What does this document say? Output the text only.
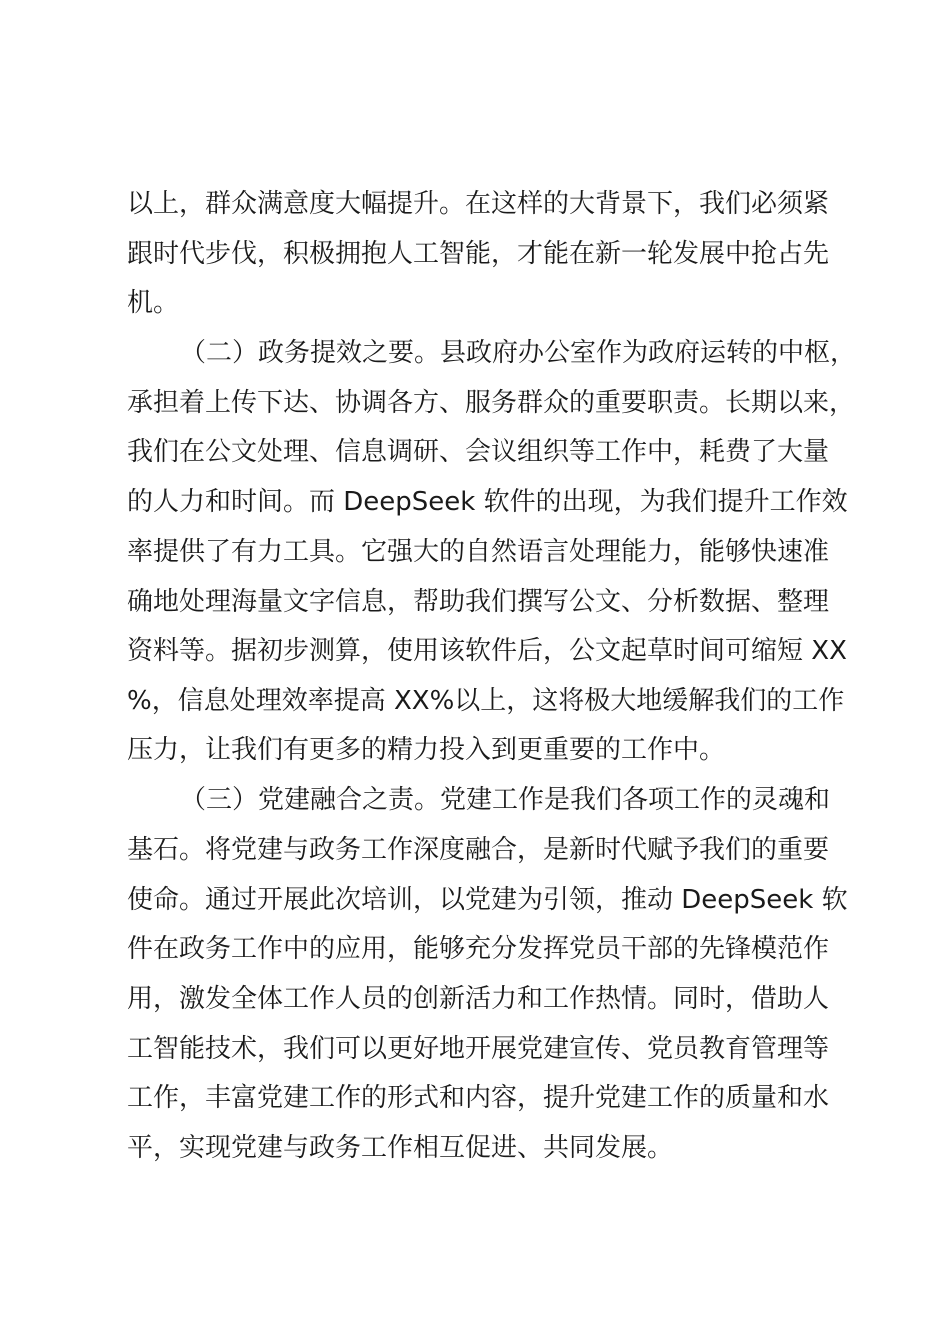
以上，群众满意度大幅提升。在这样的大背景下，我们必须紧
跟时代步伐，积极拥抱人工智能，才能在新一轮发展中抢占先
机。
（二）政务提效之要。县政府办公室作为政府运转的中枢，
承担着上传下达、协调各方、服务群众的重要职责。长期以来，
我们在公文处理、信息调研、会议组织等工作中，耗费了大量
的人力和时间。而 DeepSeek 软件的出现，为我们提升工作效
率提供了有力工具。它强大的自然语言处理能力，能够快速准
确地处理海量文字信息，帮助我们撰写公文、分析数据、整理
资料等。据初步测算，使用该软件后，公文起草时间可缩短 XX
%，信息处理效率提高 XX%以上，这将极大地缓解我们的工作
压力，让我们有更多的精力投入到更重要的工作中。
（三）党建融合之责。党建工作是我们各项工作的灵魂和
基石。将党建与政务工作深度融合，是新时代赋予我们的重要
使命。通过开展此次培训，以党建为引领，推动 DeepSeek 软
件在政务工作中的应用，能够充分发挥党员干部的先锋模范作
用，激发全体工作人员的创新活力和工作热情。同时，借助人
工智能技术，我们可以更好地开展党建宣传、党员教育管理等
工作，丰富党建工作的形式和内容，提升党建工作的质量和水
平，实现党建与政务工作相互促进、共同发展。
